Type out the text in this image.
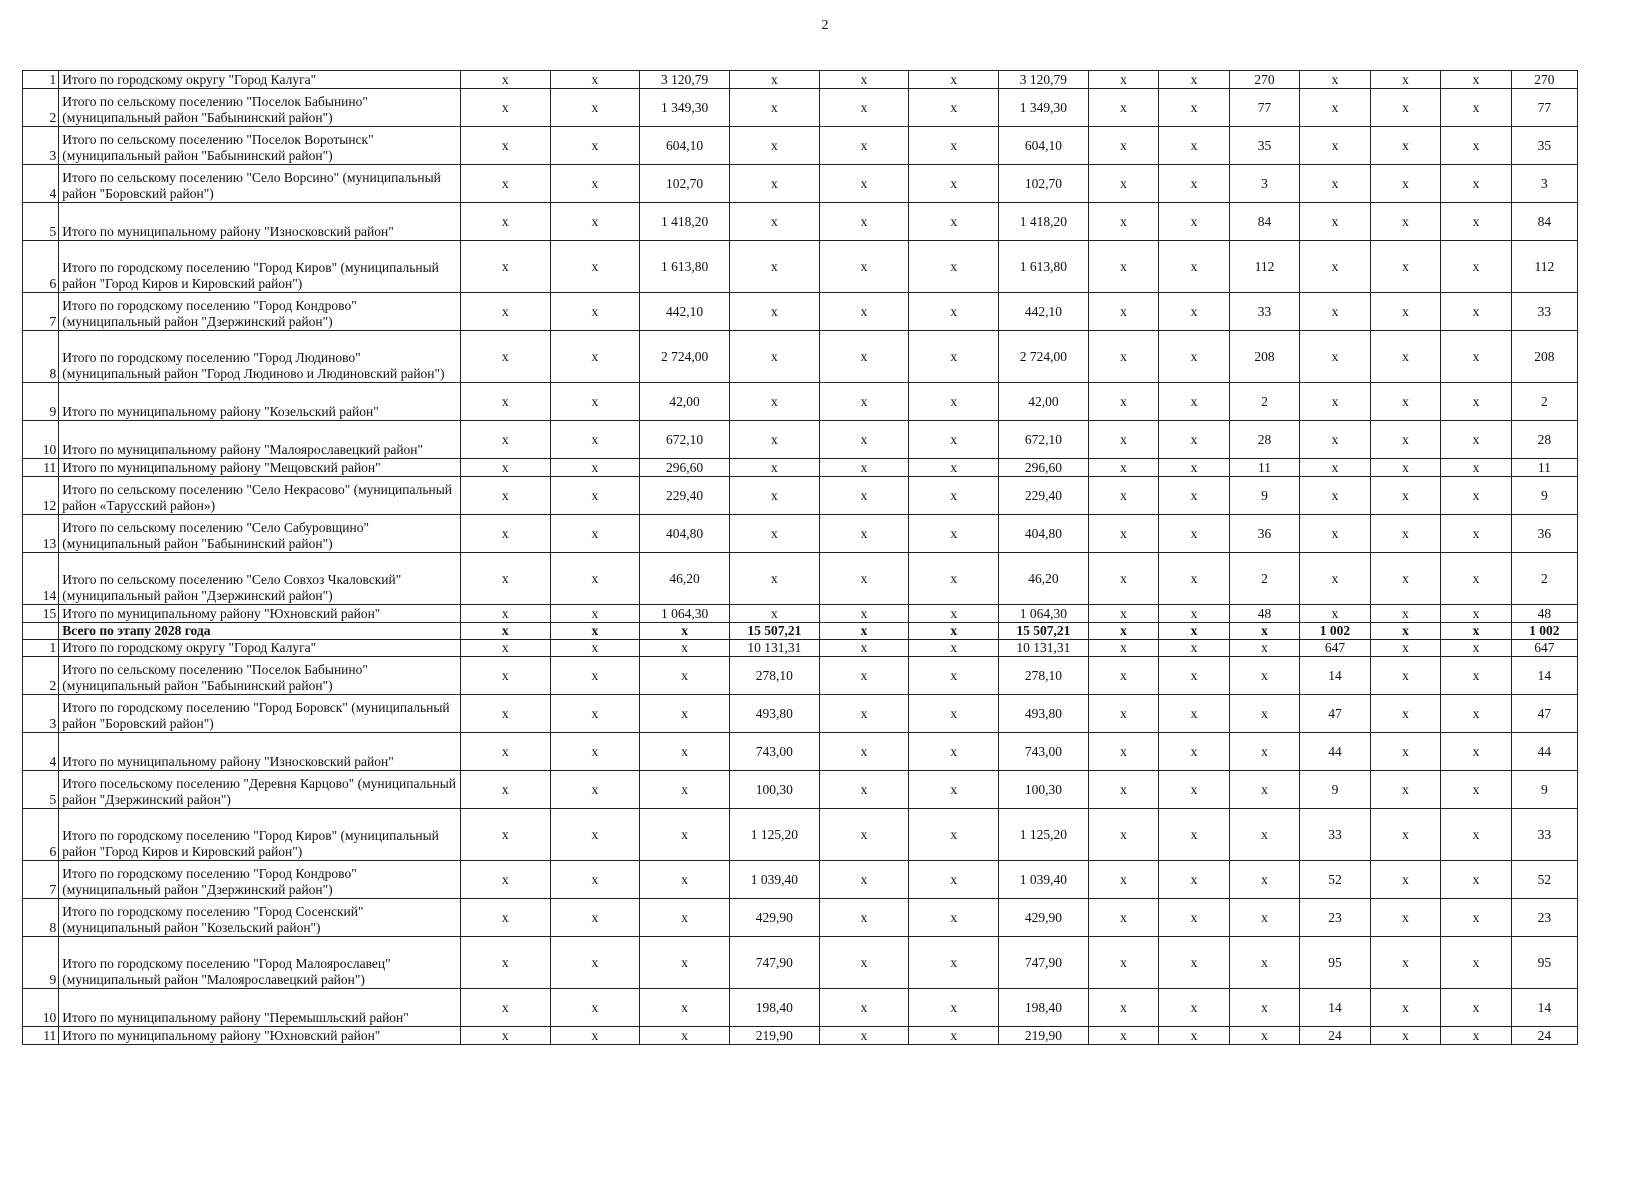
2
1	Итого по городскому округу "Город Калуга"	x	x	3 120,79	x	x	x	3 120,79	x	x	270	x	x	x	270
2	Итого по сельскому поселению "Поселок Бабынино" (муниципальный район "Бабынинский район")	x	x	1 349,30	x	x	x	1 349,30	x	x	77	x	x	x	77
3	Итого по сельскому поселению "Поселок Воротынск" (муниципальный район "Бабынинский район")	x	x	604,10	x	x	x	604,10	x	x	35	x	x	x	35
4	Итого по сельскому поселению "Село Ворсино" (муниципальный район "Боровский район")	x	x	102,70	x	x	x	102,70	x	x	3	x	x	x	3
5	Итого по муниципальному району "Износковский район"	x	x	1 418,20	x	x	x	1 418,20	x	x	84	x	x	x	84
6	Итого по городскому поселению "Город Киров" (муниципальный район "Город Киров и Кировский район")	x	x	1 613,80	x	x	x	1 613,80	x	x	112	x	x	x	112
7	Итого по городскому поселению "Город Кондрово" (муниципальный район "Дзержинский район")	x	x	442,10	x	x	x	442,10	x	x	33	x	x	x	33
8	Итого по городскому поселению "Город Людиново" (муниципальный район "Город Людиново и Людиновский район")	x	x	2 724,00	x	x	x	2 724,00	x	x	208	x	x	x	208
9	Итого по муниципальному району "Козельский район"	x	x	42,00	x	x	x	42,00	x	x	2	x	x	x	2
10	Итого по муниципальному району "Малоярославецкий район"	x	x	672,10	x	x	x	672,10	x	x	28	x	x	x	28
11	Итого по муниципальному району "Мещовский район"	x	x	296,60	x	x	x	296,60	x	x	11	x	x	x	11
12	Итого по сельскому поселению "Село Некрасово" (муниципальный район «Тарусский район»)	x	x	229,40	x	x	x	229,40	x	x	9	x	x	x	9
13	Итого по сельскому поселению "Село Сабуровщино" (муниципальный район "Бабынинский район")	x	x	404,80	x	x	x	404,80	x	x	36	x	x	x	36
14	Итого по сельскому поселению "Село Совхоз Чкаловский" (муниципальный район "Дзержинский район")	x	x	46,20	x	x	x	46,20	x	x	2	x	x	x	2
15	Итого по муниципальному району "Юхновский район"	x	x	1 064,30	x	x	x	1 064,30	x	x	48	x	x	x	48
	Всего по этапу 2028 года	x	x	x	15 507,21	x	x	15 507,21	x	x	x	1 002	x	x	1 002
1	Итого по городскому округу "Город Калуга"	x	x	x	10 131,31	x	x	10 131,31	x	x	x	647	x	x	647
2	Итого по сельскому поселению "Поселок Бабынино" (муниципальный район "Бабынинский район")	x	x	x	278,10	x	x	278,10	x	x	x	14	x	x	14
3	Итого по городскому поселению "Город Боровск" (муниципальный район "Боровский район")	x	x	x	493,80	x	x	493,80	x	x	x	47	x	x	47
4	Итого по муниципальному району "Износковский район"	x	x	x	743,00	x	x	743,00	x	x	x	44	x	x	44
5	Итого посельскому поселению "Деревня Карцово" (муниципальный район "Дзержинский район")	x	x	x	100,30	x	x	100,30	x	x	x	9	x	x	9
6	Итого по городскому поселению "Город Киров" (муниципальный район "Город Киров и Кировский район")	x	x	x	1 125,20	x	x	1 125,20	x	x	x	33	x	x	33
7	Итого по городскому поселению "Город Кондрово" (муниципальный район "Дзержинский район")	x	x	x	1 039,40	x	x	1 039,40	x	x	x	52	x	x	52
8	Итого по городскому поселению "Город Сосенский" (муниципальный район "Козельский район")	x	x	x	429,90	x	x	429,90	x	x	x	23	x	x	23
9	Итого по городскому поселению "Город Малоярославец" (муниципальный район "Малоярославецкий район")	x	x	x	747,90	x	x	747,90	x	x	x	95	x	x	95
10	Итого по муниципальному району "Перемышльский район"	x	x	x	198,40	x	x	198,40	x	x	x	14	x	x	14
11	Итого по муниципальному району "Юхновский район"	x	x	x	219,90	x	x	219,90	x	x	x	24	x	x	24
